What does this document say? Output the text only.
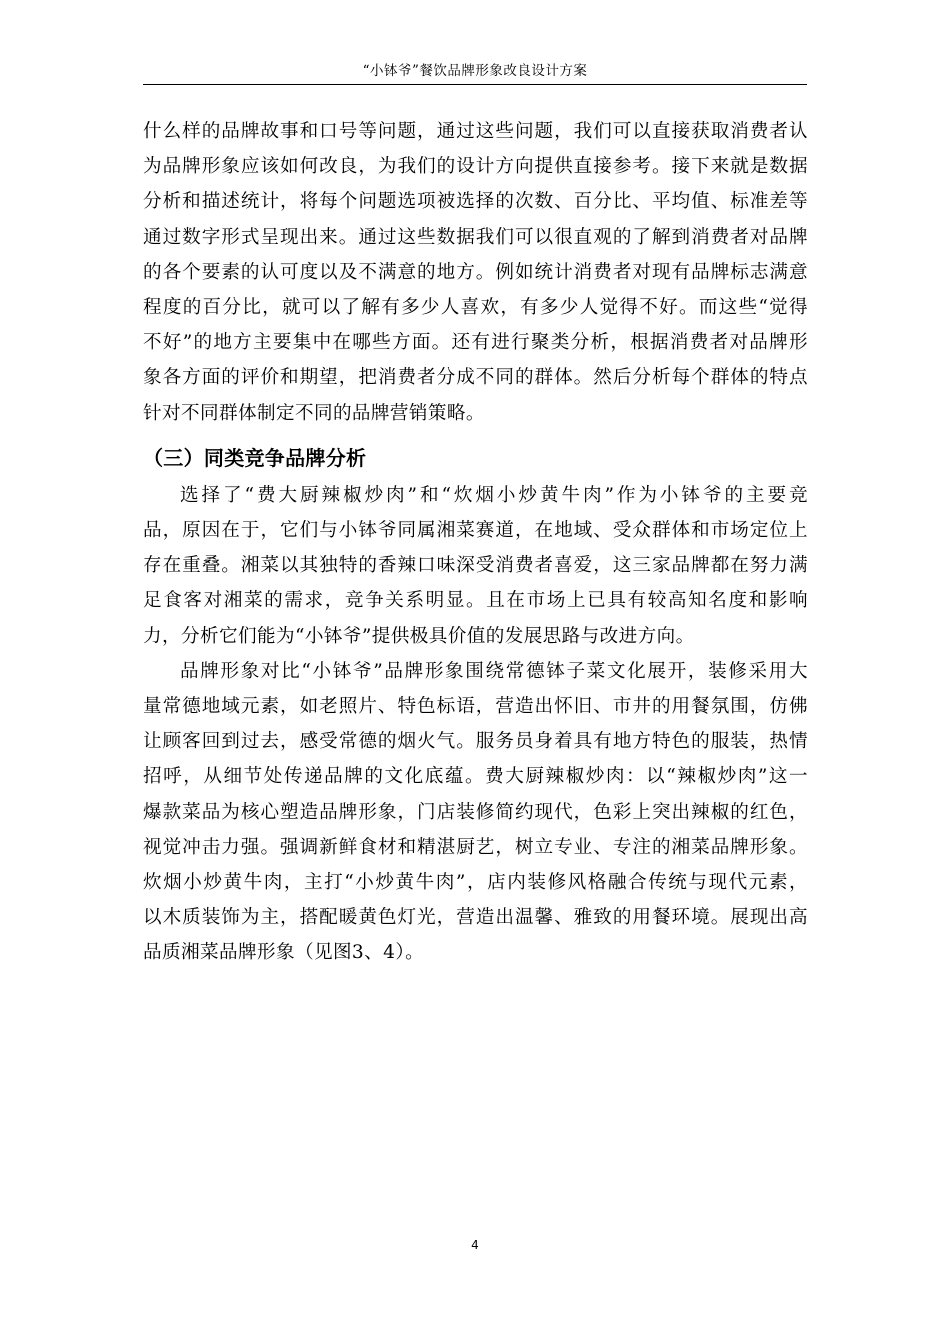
“小钵爷”餐饮品牌形象改良设计方案

什么样的品牌故事和口号等问题，通过这些问题，我们可以直接获取消费者认
为品牌形象应该如何改良，为我们的设计方向提供直接参考。接下来就是数据
分析和描述统计，将每个问题选项被选择的次数、百分比、平均值、标准差等
通过数字形式呈现出来。通过这些数据我们可以很直观的了解到消费者对品牌
的各个要素的认可度以及不满意的地方。例如统计消费者对现有品牌标志满意
程度的百分比，就可以了解有多少人喜欢，有多少人觉得不好。而这些“觉得
不好”的地方主要集中在哪些方面。还有进行聚类分析，根据消费者对品牌形
象各方面的评价和期望，把消费者分成不同的群体。然后分析每个群体的特点
针对不同群体制定不同的品牌营销策略。

（三）同类竞争品牌分析

选择了“费大厨辣椒炒肉”和“炊烟小炒黄牛肉”作为小钵爷的主要竞
品，原因在于，它们与小钵爷同属湘菜赛道，在地域、受众群体和市场定位上
存在重叠。湘菜以其独特的香辣口味深受消费者喜爱，这三家品牌都在努力满
足食客对湘菜的需求，竞争关系明显。且在市场上已具有较高知名度和影响
力，分析它们能为“小钵爷”提供极具价值的发展思路与改进方向。

品牌形象对比“小钵爷”品牌形象围绕常德钵子菜文化展开，装修采用大
量常德地域元素，如老照片、特色标语，营造出怀旧、市井的用餐氛围，仿佛
让顾客回到过去，感受常德的烟火气。服务员身着具有地方特色的服装，热情
招呼，从细节处传递品牌的文化底蕴。费大厨辣椒炒肉：以“辣椒炒肉”这一
爆款菜品为核心塑造品牌形象，门店装修简约现代，色彩上突出辣椒的红色，
视觉冲击力强。强调新鲜食材和精湛厨艺，树立专业、专注的湘菜品牌形象。
炊烟小炒黄牛肉，主打“小炒黄牛肉”，店内装修风格融合传统与现代元素，
以木质装饰为主，搭配暖黄色灯光，营造出温馨、雅致的用餐环境。展现出高
品质湘菜品牌形象（见图3、4）。

4
